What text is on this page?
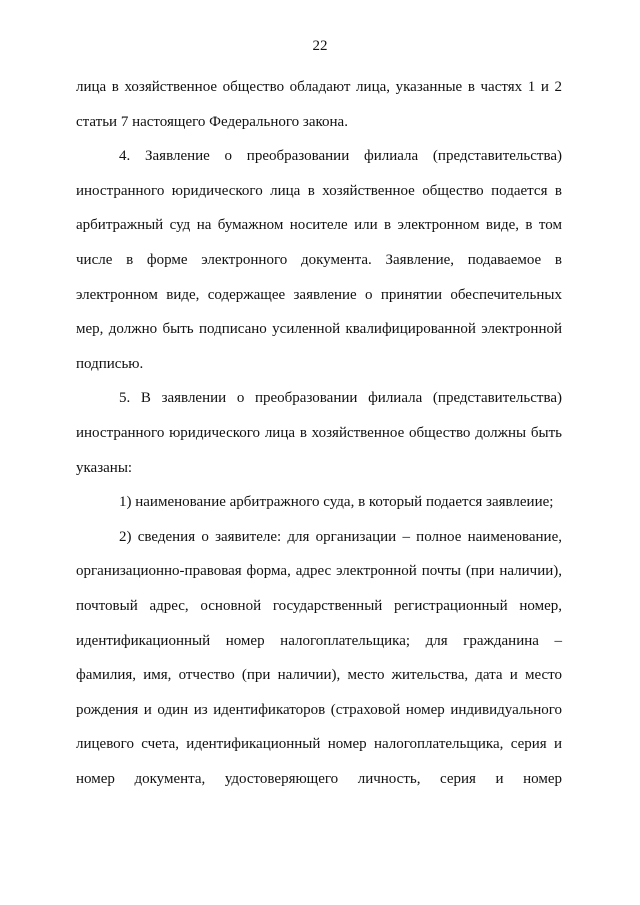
22
лица в хозяйственное общество обладают лица, указанные в частях 1 и 2
статьи 7 настоящего Федерального закона.
4. Заявление о преобразовании филиала (представительства)
иностранного юридического лица в хозяйственное общество подается в
арбитражный суд на бумажном носителе или в электронном виде, в том
числе в форме электронного документа. Заявление, подаваемое в
электронном виде, содержащее заявление о принятии обеспечительных
мер, должно быть подписано усиленной квалифицированной электронной
подписью.
5. В заявлении о преобразовании филиала (представительства)
иностранного юридического лица в хозяйственное общество должны быть
указаны:
1) наименование арбитражного суда, в который подается заявлеиие;
2) сведения о заявителе: для организации – полное наименование,
организационно-правовая форма, адрес электронной почты (при наличии),
почтовый адрес, основной государственный регистрационный номер,
идентификационный номер налогоплательщика; для гражданина –
фамилия, имя, отчество (при наличии), место жительства, дата и место
рождения и один из идентификаторов (страховой номер индивидуального
лицевого счета, идентификационный номер налогоплательщика, серия и
номер документа, удостоверяющего личность, серия и номер
